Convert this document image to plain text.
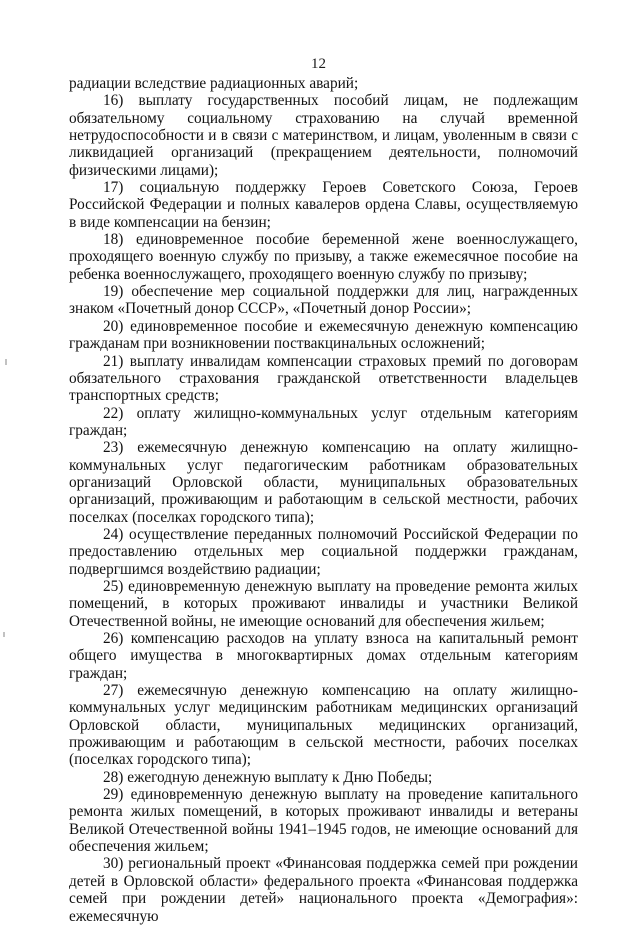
12

радиации вследствие радиационных аварий;

16) выплату государственных пособий лицам, не подлежащим обязательному социальному страхованию на случай временной нетрудоспособности и в связи с материнством, и лицам, уволенным в связи с ликвидацией организаций (прекращением деятельности, полномочий физическими лицами);

17) социальную поддержку Героев Советского Союза, Героев Российской Федерации и полных кавалеров ордена Славы, осуществляемую в виде компенсации на бензин;

18) единовременное пособие беременной жене военнослужащего, проходящего военную службу по призыву, а также ежемесячное пособие на ребенка военнослужащего, проходящего военную службу по призыву;

19) обеспечение мер социальной поддержки для лиц, награжденных знаком «Почетный донор СССР», «Почетный донор России»;

20) единовременное пособие и ежемесячную денежную компенсацию гражданам при возникновении поствакцинальных осложнений;

21) выплату инвалидам компенсации страховых премий по договорам обязательного страхования гражданской ответственности владельцев транспортных средств;

22) оплату жилищно-коммунальных услуг отдельным категориям граждан;

23) ежемесячную денежную компенсацию на оплату жилищно-коммунальных услуг педагогическим работникам образовательных организаций Орловской области, муниципальных образовательных организаций, проживающим и работающим в сельской местности, рабочих поселках (поселках городского типа);

24) осуществление переданных полномочий Российской Федерации по предоставлению отдельных мер социальной поддержки гражданам, подвергшимся воздействию радиации;

25) единовременную денежную выплату на проведение ремонта жилых помещений, в которых проживают инвалиды и участники Великой Отечественной войны, не имеющие оснований для обеспечения жильем;

26) компенсацию расходов на уплату взноса на капитальный ремонт общего имущества в многоквартирных домах отдельным категориям граждан;

27) ежемесячную денежную компенсацию на оплату жилищно-коммунальных услуг медицинским работникам медицинских организаций Орловской области, муниципальных медицинских организаций, проживающим и работающим в сельской местности, рабочих поселках (поселках городского типа);

28) ежегодную денежную выплату к Дню Победы;

29) единовременную денежную выплату на проведение капитального ремонта жилых помещений, в которых проживают инвалиды и ветераны Великой Отечественной войны 1941–1945 годов, не имеющие оснований для обеспечения жильем;

30) региональный проект «Финансовая поддержка семей при рождении детей в Орловской области» федерального проекта «Финансовая поддержка семей при рождении детей» национального проекта «Демография»: ежемесячную
